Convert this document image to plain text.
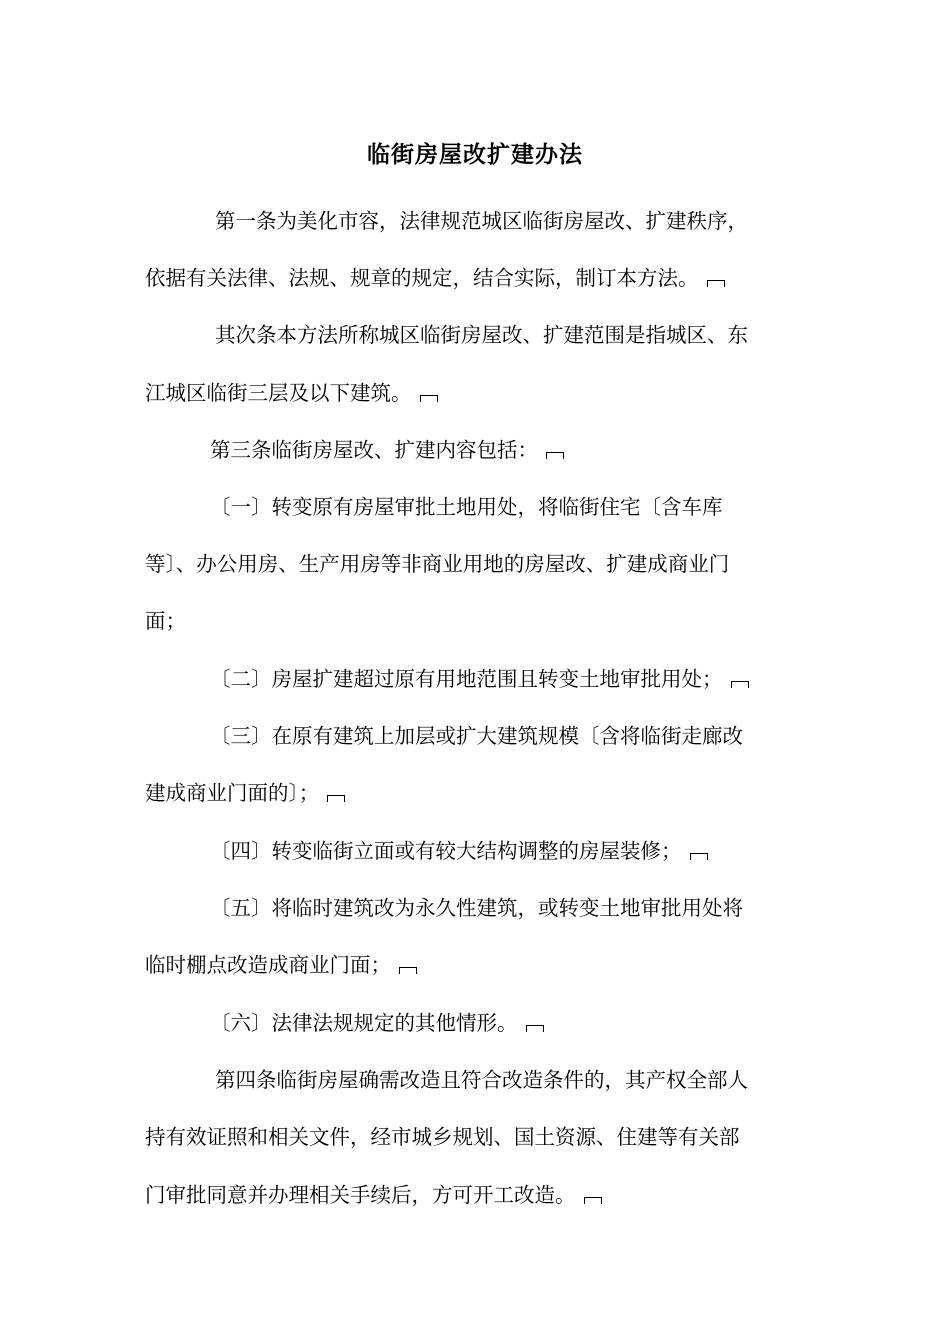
临街房屋改扩建办法
第一条为美化市容，法律规范城区临街房屋改、扩建秩序，
依据有关法律、法规、规章的规定，结合实际，制订本方法。
其次条本方法所称城区临街房屋改、扩建范围是指城区、东
江城区临街三层及以下建筑。
第三条临街房屋改、扩建内容包括：
〔一〕转变原有房屋审批土地用处，将临街住宅〔含车库
等〕、办公用房、生产用房等非商业用地的房屋改、扩建成商业门
面；
〔二〕房屋扩建超过原有用地范围且转变土地审批用处；
〔三〕在原有建筑上加层或扩大建筑规模〔含将临街走廊改
建成商业门面的〕；
〔四〕转变临街立面或有较大结构调整的房屋装修；
〔五〕将临时建筑改为永久性建筑，或转变土地审批用处将
临时棚点改造成商业门面；
〔六〕法律法规规定的其他情形。
第四条临街房屋确需改造且符合改造条件的，其产权全部人
持有效证照和相关文件，经市城乡规划、国土资源、住建等有关部
门审批同意并办理相关手续后，方可开工改造。
